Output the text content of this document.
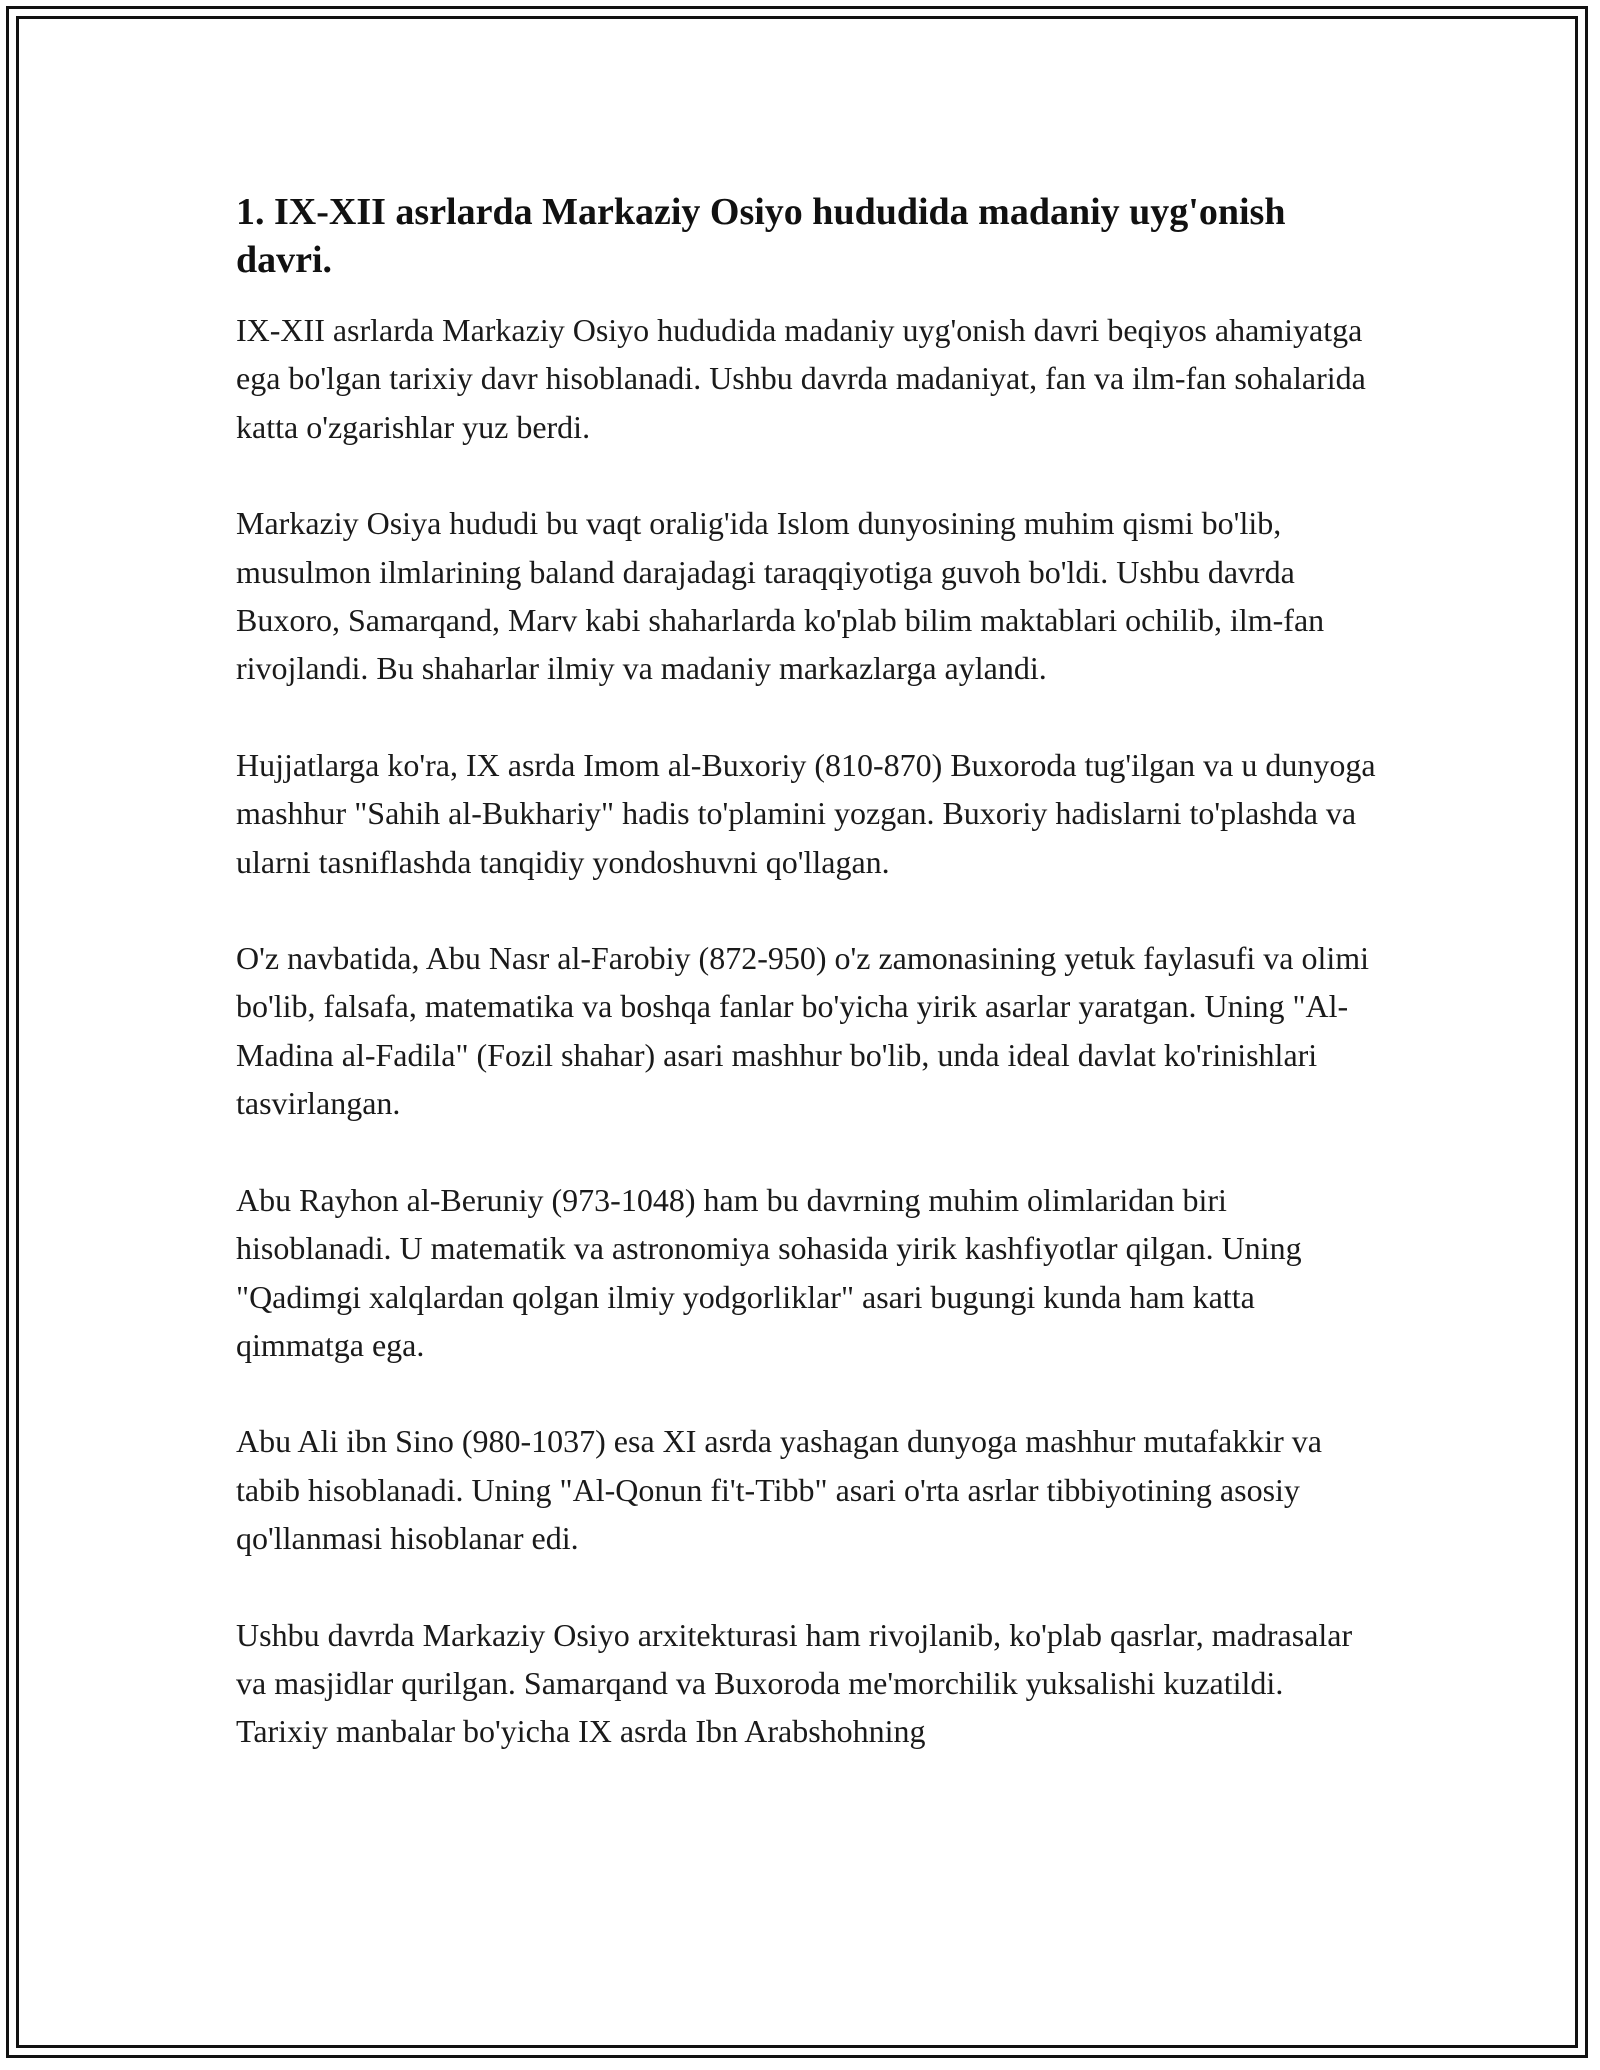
1. IX-XII asrlarda Markaziy Osiyo hududida madaniy uyg'onish davri.

IX-XII asrlarda Markaziy Osiyo hududida madaniy uyg'onish davri beqiyos ahamiyatga ega bo'lgan tarixiy davr hisoblanadi. Ushbu davrda madaniyat, fan va ilm-fan sohalarida katta o'zgarishlar yuz berdi.

Markaziy Osiya hududi bu vaqt oralig'ida Islom dunyosining muhim qismi bo'lib, musulmon ilmlarining baland darajadagi taraqqiyotiga guvoh bo'ldi. Ushbu davrda Buxoro, Samarqand, Marv kabi shaharlarda ko'plab bilim maktablari ochilib, ilm-fan rivojlandi. Bu shaharlar ilmiy va madaniy markazlarga aylandi.

Hujjatlarga ko'ra, IX asrda Imom al-Buxoriy (810-870) Buxoroda tug'ilgan va u dunyoga mashhur "Sahih al-Bukhariy" hadis to'plamini yozgan. Buxoriy hadislarni to'plashda va ularni tasniflashda tanqidiy yondoshuvni qo'llagan.

O'z navbatida, Abu Nasr al-Farobiy (872-950) o'z zamonasining yetuk faylasufi va olimi bo'lib, falsafa, matematika va boshqa fanlar bo'yicha yirik asarlar yaratgan. Uning "Al-Madina al-Fadila" (Fozil shahar) asari mashhur bo'lib, unda ideal davlat ko'rinishlari tasvirlangan.

Abu Rayhon al-Beruniy (973-1048) ham bu davrning muhim olimlaridan biri hisoblanadi. U matematik va astronomiya sohasida yirik kashfiyotlar qilgan. Uning "Qadimgi xalqlardan qolgan ilmiy yodgorliklar" asari bugungi kunda ham katta qimmatga ega.

Abu Ali ibn Sino (980-1037) esa XI asrda yashagan dunyoga mashhur mutafakkir va tabib hisoblanadi. Uning "Al-Qonun fi't-Tibb" asari o'rta asrlar tibbiyotining asosiy qo'llanmasi hisoblanar edi.

Ushbu davrda Markaziy Osiyo arxitekturasi ham rivojlanib, ko'plab qasrlar, madrasalar va masjidlar qurilgan. Samarqand va Buxoroda me'morchilik yuksalishi kuzatildi. Tarixiy manbalar bo'yicha IX asrda Ibn Arabshohning
